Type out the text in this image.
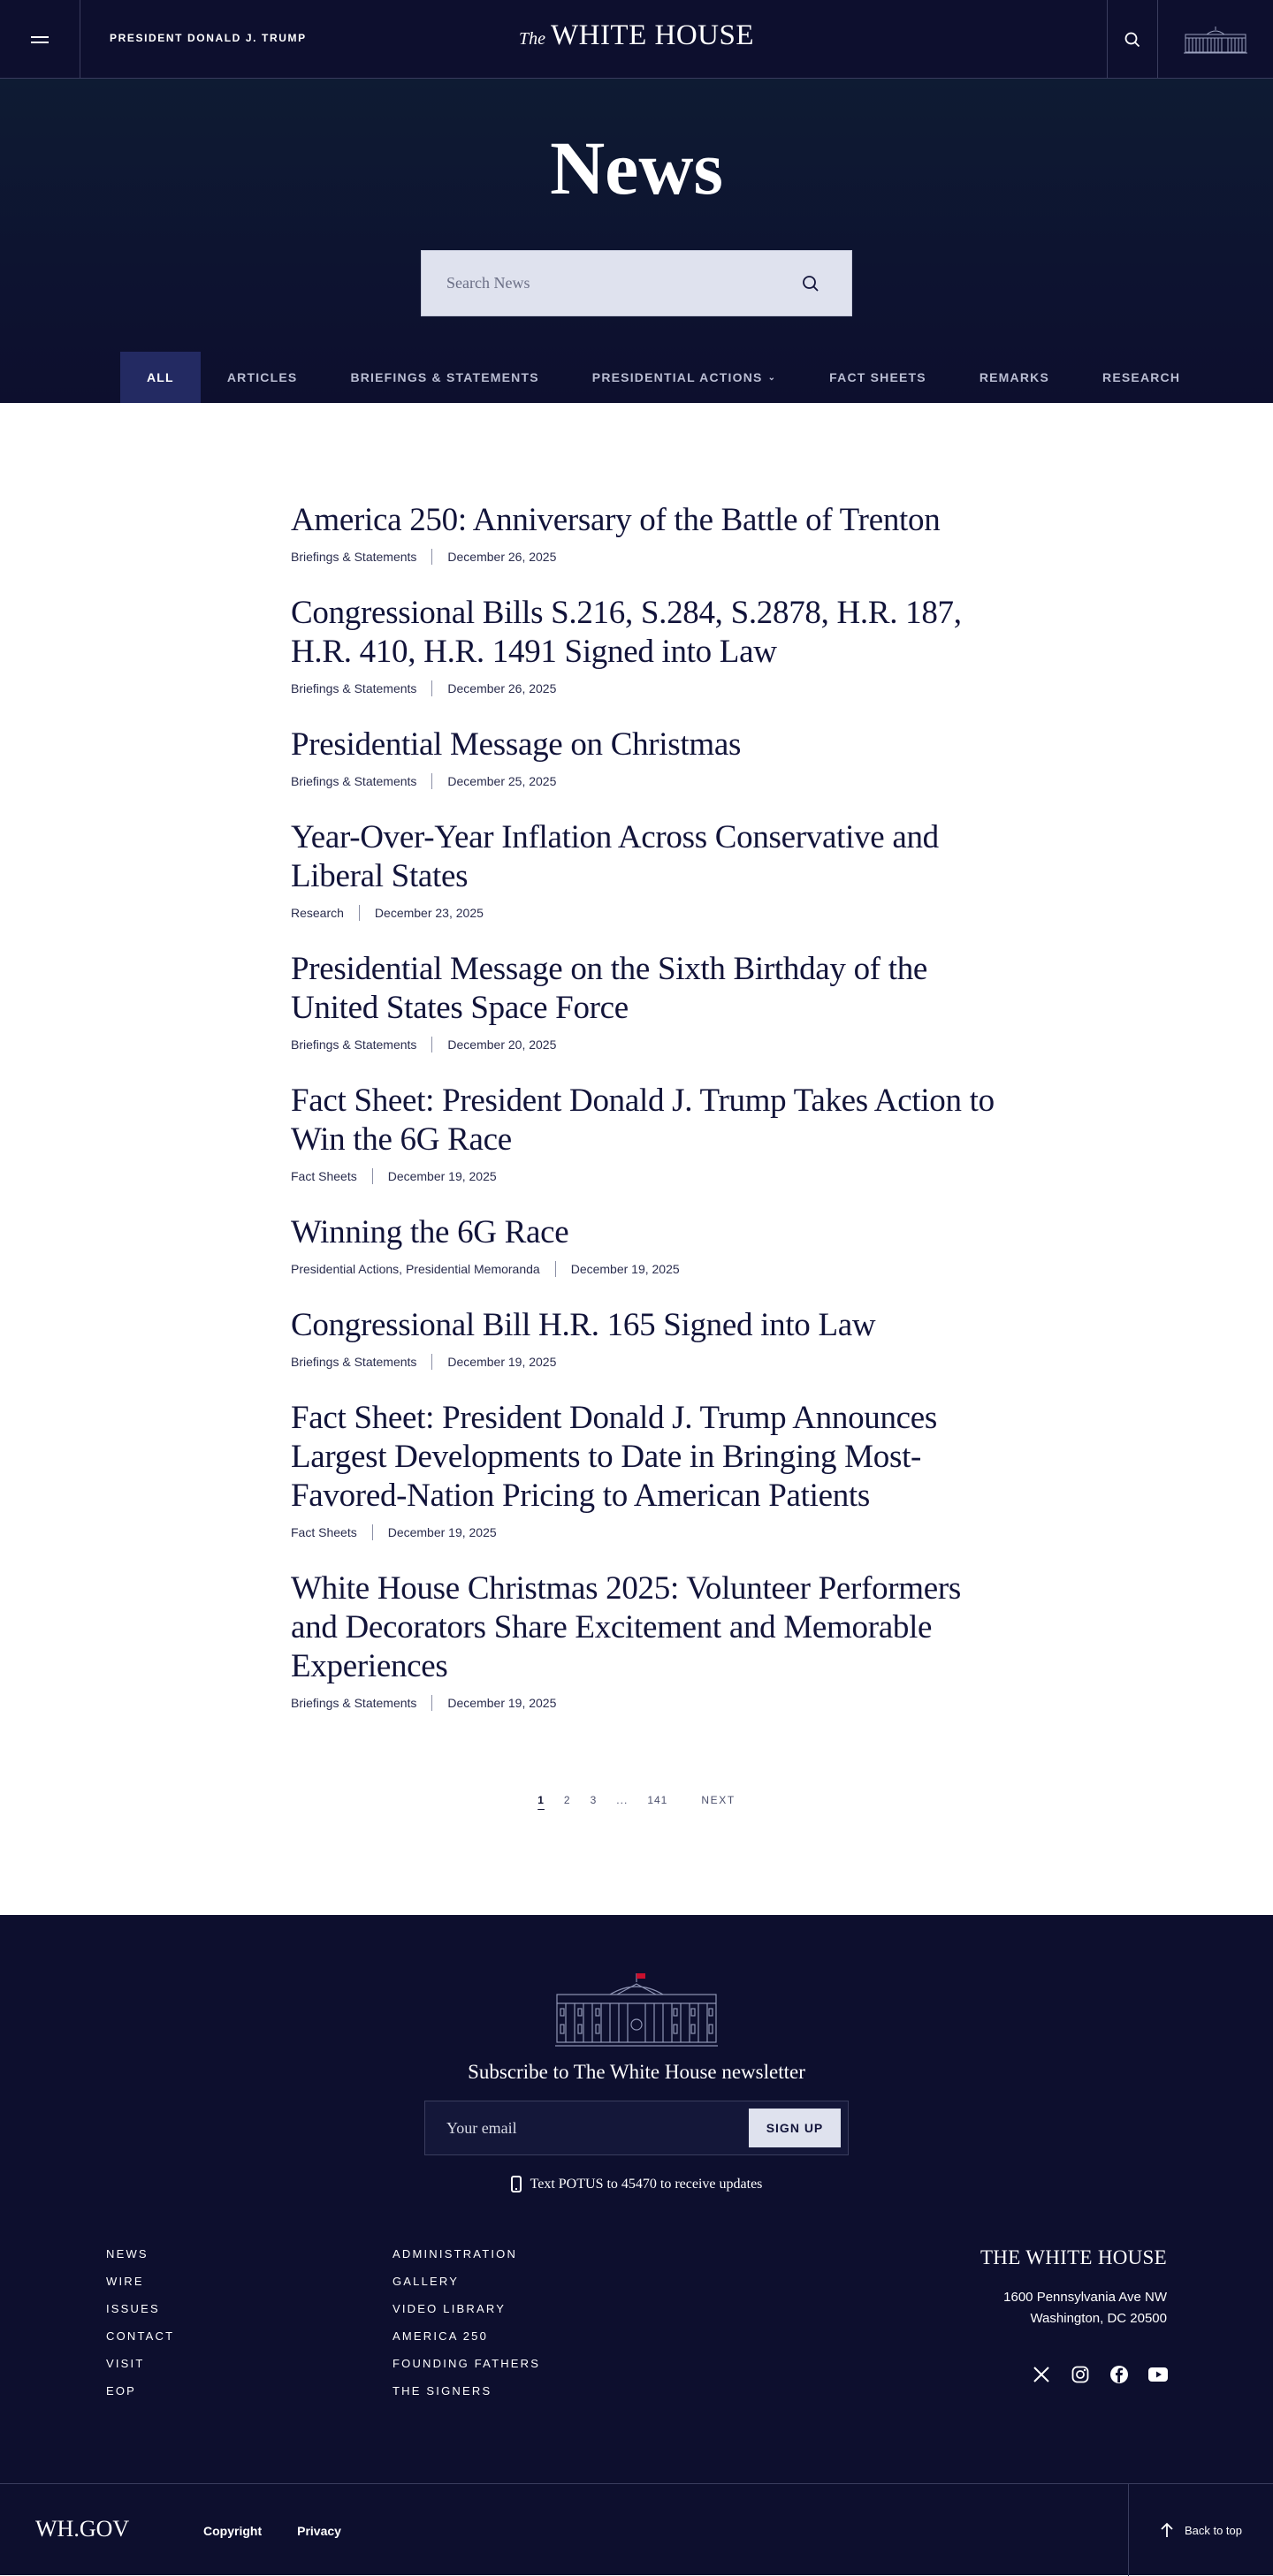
PRESIDENT DONALD J. TRUMP	The WHITE HOUSE
News
Search News
ALL	ARTICLES	BRIEFINGS & STATEMENTS	PRESIDENTIAL ACTIONS ⌄	FACT SHEETS	REMARKS	RESEARCH
America 250: Anniversary of the Battle of Trenton
Briefings & Statements	December 26, 2025
Congressional Bills S.216, S.284, S.2878, H.R. 187, H.R. 410, H.R. 1491 Signed into Law
Briefings & Statements	December 26, 2025
Presidential Message on Christmas
Briefings & Statements	December 25, 2025
Year-Over-Year Inflation Across Conservative and Liberal States
Research	December 23, 2025
Presidential Message on the Sixth Birthday of the United States Space Force
Briefings & Statements	December 20, 2025
Fact Sheet: President Donald J. Trump Takes Action to Win the 6G Race
Fact Sheets	December 19, 2025
Winning the 6G Race
Presidential Actions, Presidential Memoranda	December 19, 2025
Congressional Bill H.R. 165 Signed into Law
Briefings & Statements	December 19, 2025
Fact Sheet: President Donald J. Trump Announces Largest Developments to Date in Bringing Most-Favored-Nation Pricing to American Patients
Fact Sheets	December 19, 2025
White House Christmas 2025: Volunteer Performers and Decorators Share Excitement and Memorable Experiences
Briefings & Statements	December 19, 2025
1	2	3	...	141	NEXT
Subscribe to The White House newsletter
Your email
SIGN UP
Text POTUS to 45470 to receive updates
NEWS
WIRE
ISSUES
CONTACT
VISIT
EOP
ADMINISTRATION
GALLERY
VIDEO LIBRARY
AMERICA 250
FOUNDING FATHERS
THE SIGNERS
THE WHITE HOUSE
1600 Pennsylvania Ave NW
Washington, DC 20500
WH.GOV	Copyright	Privacy	Back to top
